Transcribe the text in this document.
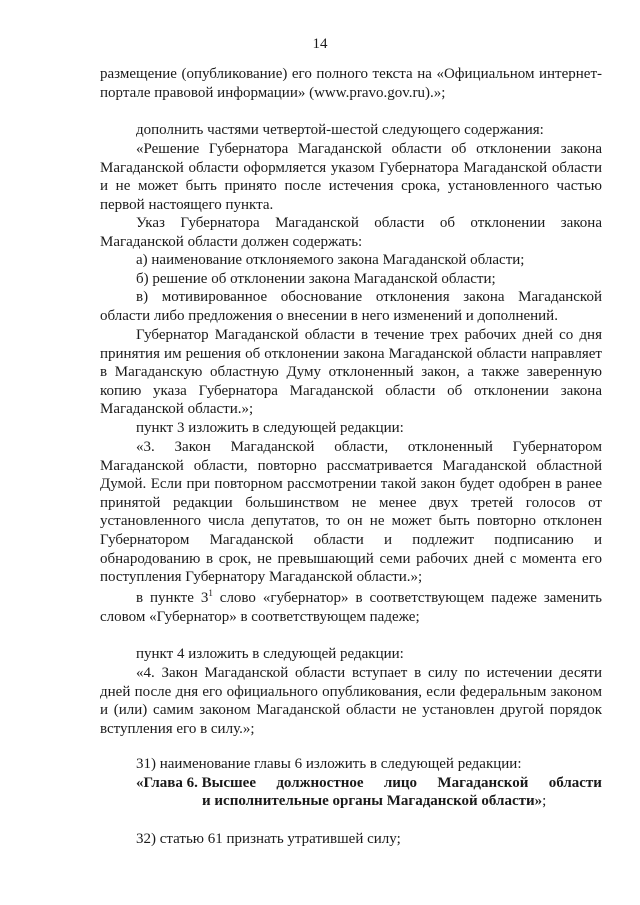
14
размещение (опубликование) его полного текста на «Официальном интернет-портале правовой информации» (www.pravo.gov.ru).»;
дополнить частями четвертой-шестой следующего содержания:
«Решение Губернатора Магаданской области об отклонении закона Магаданской области оформляется указом Губернатора Магаданской области и не может быть принято после истечения срока, установленного частью первой настоящего пункта.
Указ Губернатора Магаданской области об отклонении закона Магаданской области должен содержать:
а) наименование отклоняемого закона Магаданской области;
б) решение об отклонении закона Магаданской области;
в) мотивированное обоснование отклонения закона Магаданской области либо предложения о внесении в него изменений и дополнений.
Губернатор Магаданской области в течение трех рабочих дней со дня принятия им решения об отклонении закона Магаданской области направляет в Магаданскую областную Думу отклоненный закон, а также заверенную копию указа Губернатора Магаданской области об отклонении закона Магаданской области.»;
пункт 3 изложить в следующей редакции:
«3. Закон Магаданской области, отклоненный Губернатором Магаданской области, повторно рассматривается Магаданской областной Думой. Если при повторном рассмотрении такой закон будет одобрен в ранее принятой редакции большинством не менее двух третей голосов от установленного числа депутатов, то он не может быть повторно отклонен Губернатором Магаданской области и подлежит подписанию и обнародованию в срок, не превышающий семи рабочих дней с момента его поступления Губернатору Магаданской области.»;
в пункте $3^1$ слово «губернатор» в соответствующем падеже заменить словом «Губернатор» в соответствующем падеже;
пункт 4 изложить в следующей редакции:
«4. Закон Магаданской области вступает в силу по истечении десяти дней после дня его официального опубликования, если федеральным законом и (или) самим законом Магаданской области не установлен другой порядок вступления его в силу.»;
31) наименование главы 6 изложить в следующей редакции:
«Глава 6. Высшее должностное лицо Магаданской области
и исполнительные органы Магаданской области»;
32) статью 61 признать утратившей силу;
